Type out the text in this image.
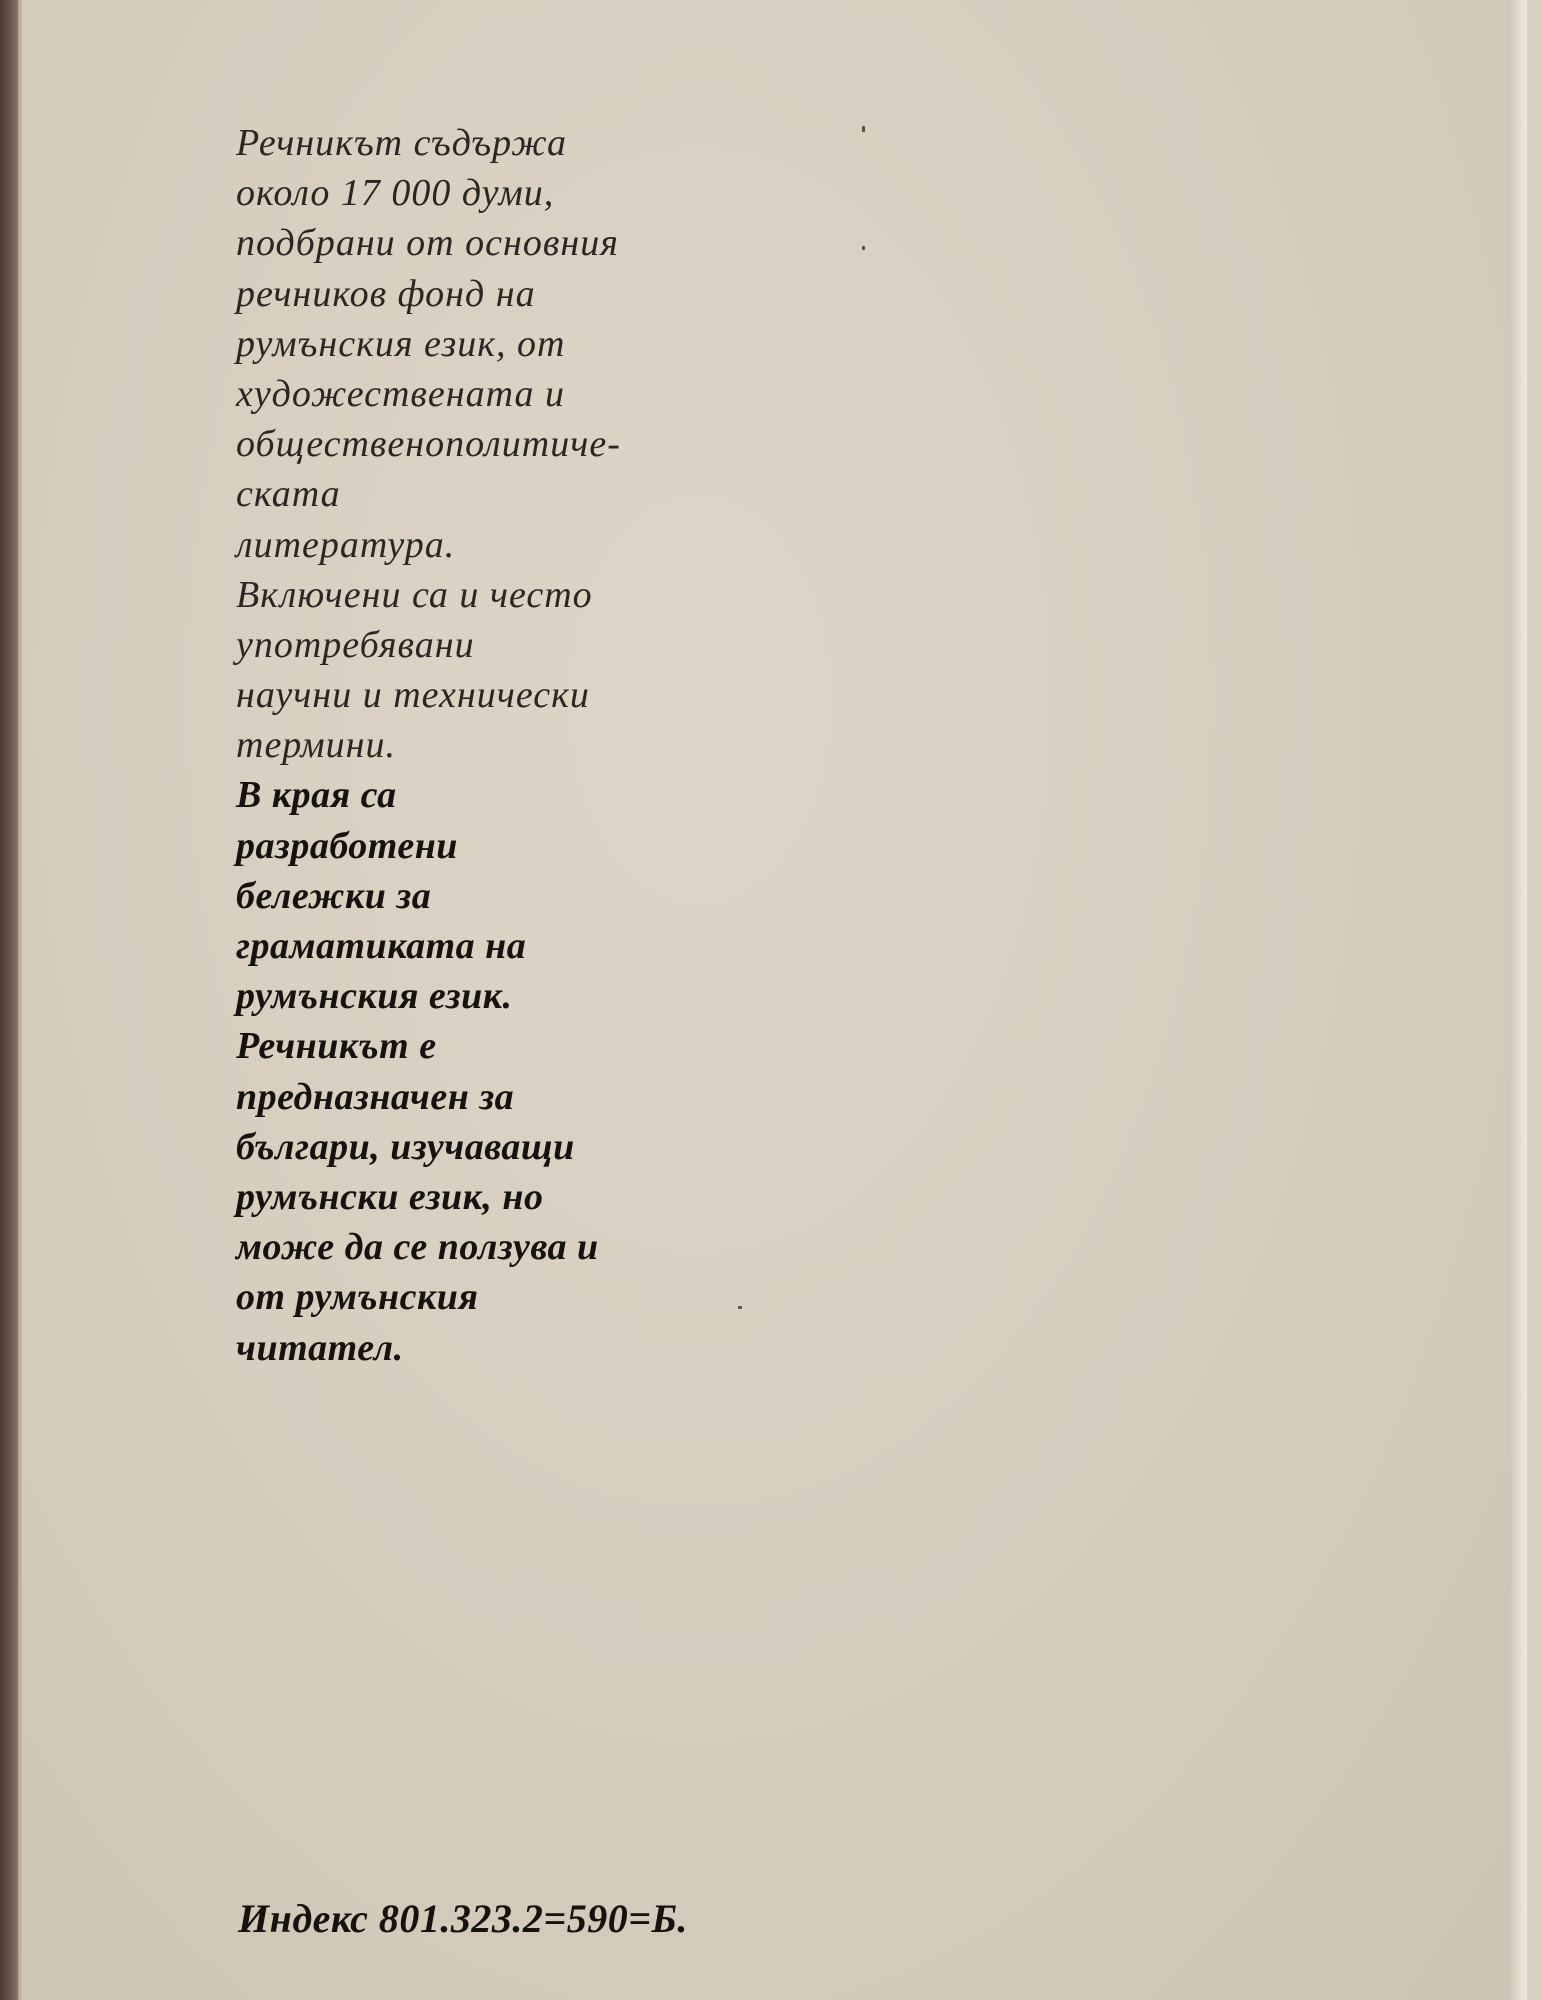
Речникът съдържа
около 17 000 думи,
подбрани от основния
речников фонд на
румънския език, от
художествената и
общественополитиче-
ската
литература.
Включени са и често
употребявани
научни и технически
термини.
В края са
разработени
бележки за
граматиката на
румънския език.
Речникът е
предназначен за
българи, изучаващи
румънски език, но
може да се ползува и
от румънския
читател.
Индекс 801.323.2=590=Б.
